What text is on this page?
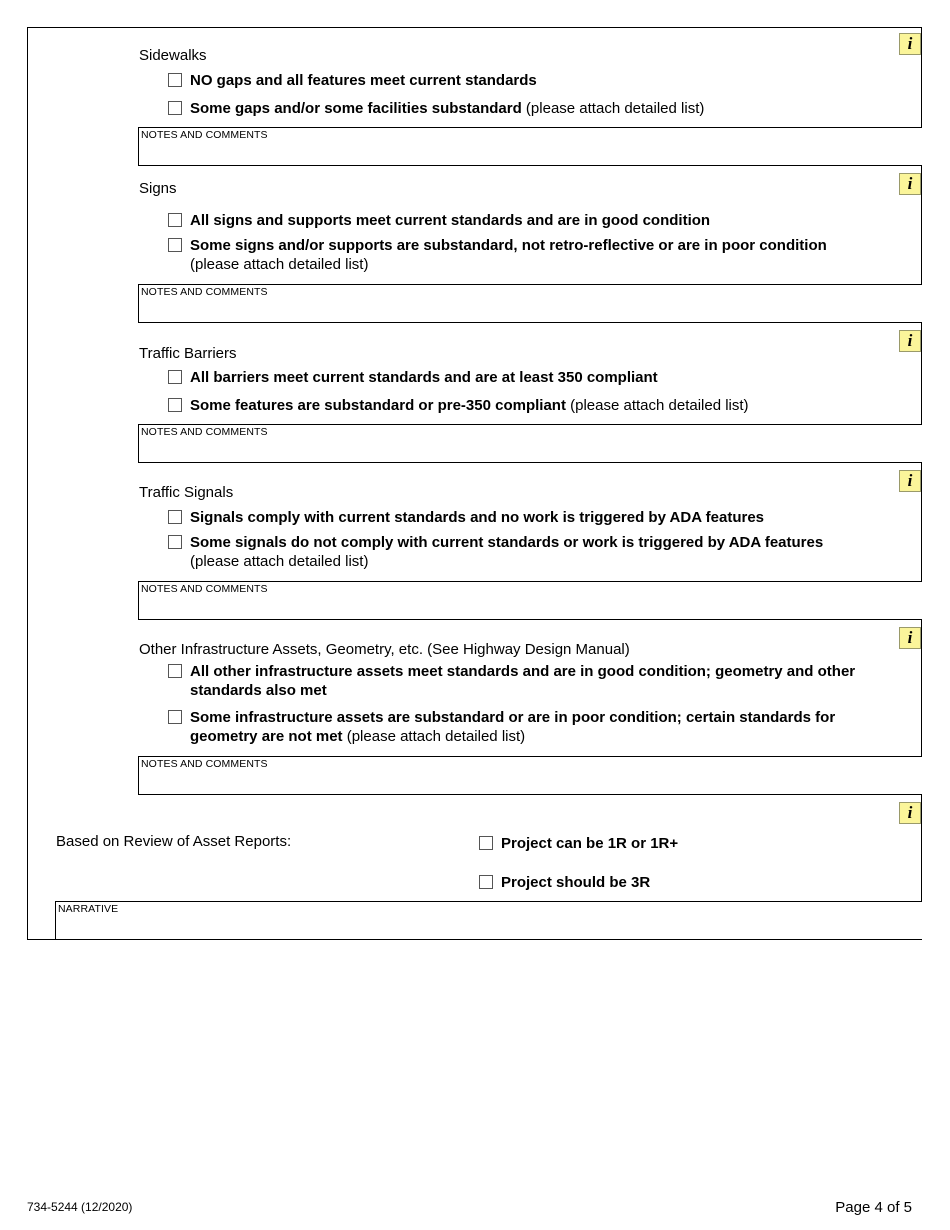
i
Sidewalks
NO gaps and all features meet current standards
Some gaps and/or some facilities substandard (please attach detailed list)
NOTES AND COMMENTS
i
Signs
All signs and supports meet current standards and are in good condition
Some signs and/or supports are substandard, not retro-reflective or are in poor condition
(please attach detailed list)
NOTES AND COMMENTS
i
Traffic Barriers
All barriers meet current standards and are at least 350 compliant
Some features are substandard or pre-350 compliant (please attach detailed list)
NOTES AND COMMENTS
i
Traffic Signals
Signals comply with current standards and no work is triggered by ADA features
Some signals do not comply with current standards or work is triggered by ADA features
(please attach detailed list)
NOTES AND COMMENTS
i
Other Infrastructure Assets, Geometry, etc. (See Highway Design Manual)
All other infrastructure assets meet standards and are in good condition; geometry and other standards also met
Some infrastructure assets are substandard or are in poor condition; certain standards for geometry are not met (please attach detailed list)
NOTES AND COMMENTS
i
Based on Review of Asset Reports:	Project can be 1R or 1R+
Project should be 3R
NARRATIVE
734-5244 (12/2020)	Page 4 of 5
